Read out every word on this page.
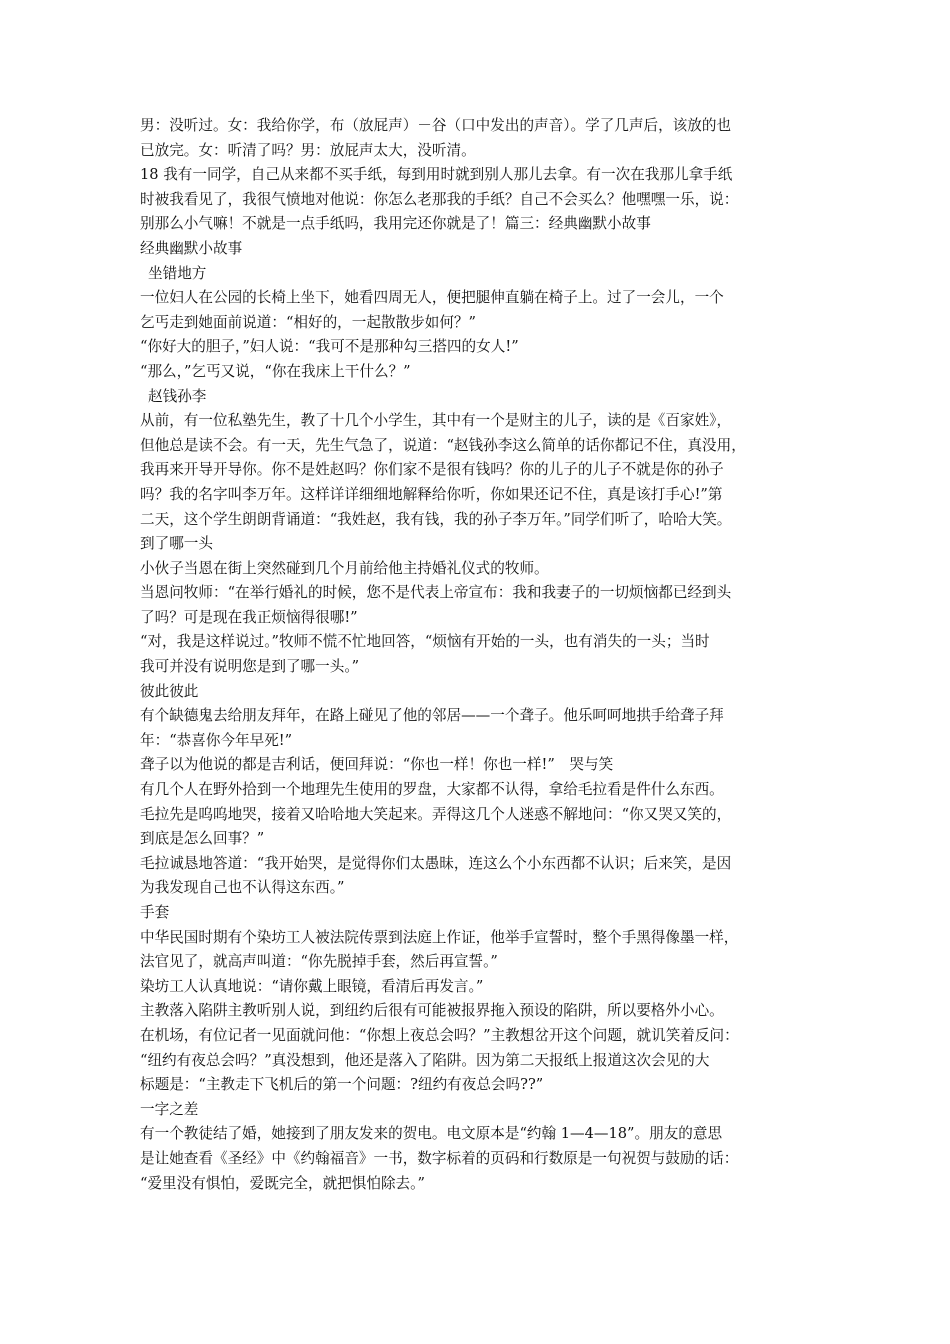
男：没听过。女：我给你学，布（放屁声）－谷（口中发出的声音）。学了几声后，该放的也
已放完。女：听清了吗？男：放屁声太大，没听清。
18 我有一同学，自己从来都不买手纸，每到用时就到别人那儿去拿。有一次在我那儿拿手纸
时被我看见了，我很气愤地对他说：你怎么老那我的手纸？自己不会买么？他嘿嘿一乐，说：
别那么小气嘛！不就是一点手纸吗，我用完还你就是了！篇三：经典幽默小故事
经典幽默小故事
坐错地方
一位妇人在公园的长椅上坐下，她看四周无人，便把腿伸直躺在椅子上。过了一会儿，一个
乞丐走到她面前说道：“相好的，一起散散步如何？”
“你好大的胆子，”妇人说：“我可不是那种勾三搭四的女人!”
“那么，”乞丐又说，“你在我床上干什么？”
赵钱孙李
从前，有一位私塾先生，教了十几个小学生，其中有一个是财主的儿子，读的是《百家姓》，
但他总是读不会。有一天，先生气急了，说道：“赵钱孙李这么简单的话你都记不住，真没用，
我再来开导开导你。你不是姓赵吗？你们家不是很有钱吗？你的儿子的儿子不就是你的孙子
吗？我的名字叫李万年。这样详详细细地解释给你听，你如果还记不住，真是该打手心!”第
二天，这个学生朗朗背诵道：“我姓赵，我有钱，我的孙子李万年。”同学们听了，哈哈大笑。
到了哪一头
小伙子当恩在街上突然碰到几个月前给他主持婚礼仪式的牧师。
当恩问牧师：“在举行婚礼的时候，您不是代表上帝宣布：我和我妻子的一切烦恼都已经到头
了吗？可是现在我正烦恼得很哪!”
“对，我是这样说过。”牧师不慌不忙地回答，“烦恼有开始的一头，也有消失的一头；当时
我可并没有说明您是到了哪一头。”
彼此彼此
有个缺德鬼去给朋友拜年，在路上碰见了他的邻居——一个聋子。他乐呵呵地拱手给聋子拜
年：“恭喜你今年早死!”
聋子以为他说的都是吉利话，便回拜说：“你也一样！你也一样!”　哭与笑
有几个人在野外拾到一个地理先生使用的罗盘，大家都不认得，拿给毛拉看是件什么东西。
毛拉先是呜呜地哭，接着又哈哈地大笑起来。弄得这几个人迷惑不解地问：“你又哭又笑的，
到底是怎么回事？”
毛拉诚恳地答道：“我开始哭，是觉得你们太愚昧，连这么个小东西都不认识；后来笑，是因
为我发现自己也不认得这东西。”
手套
中华民国时期有个染坊工人被法院传票到法庭上作证，他举手宣誓时，整个手黑得像墨一样，
法官见了，就高声叫道：“你先脱掉手套，然后再宣誓。”
染坊工人认真地说：“请你戴上眼镜，看清后再发言。”
主教落入陷阱主教听别人说，到纽约后很有可能被报界拖入预设的陷阱，所以要格外小心。
在机场，有位记者一见面就问他：“你想上夜总会吗？”主教想岔开这个问题，就讥笑着反问：
“纽约有夜总会吗？”真没想到，他还是落入了陷阱。因为第二天报纸上报道这次会见的大
标题是：“主教走下飞机后的第一个问题：?纽约有夜总会吗??”
一字之差
有一个教徒结了婚，她接到了朋友发来的贺电。电文原本是“约翰 1—4—18”。朋友的意思
是让她查看《圣经》中《约翰福音》一书，数字标着的页码和行数原是一句祝贺与鼓励的话：
“爱里没有惧怕，爱既完全，就把惧怕除去。”
